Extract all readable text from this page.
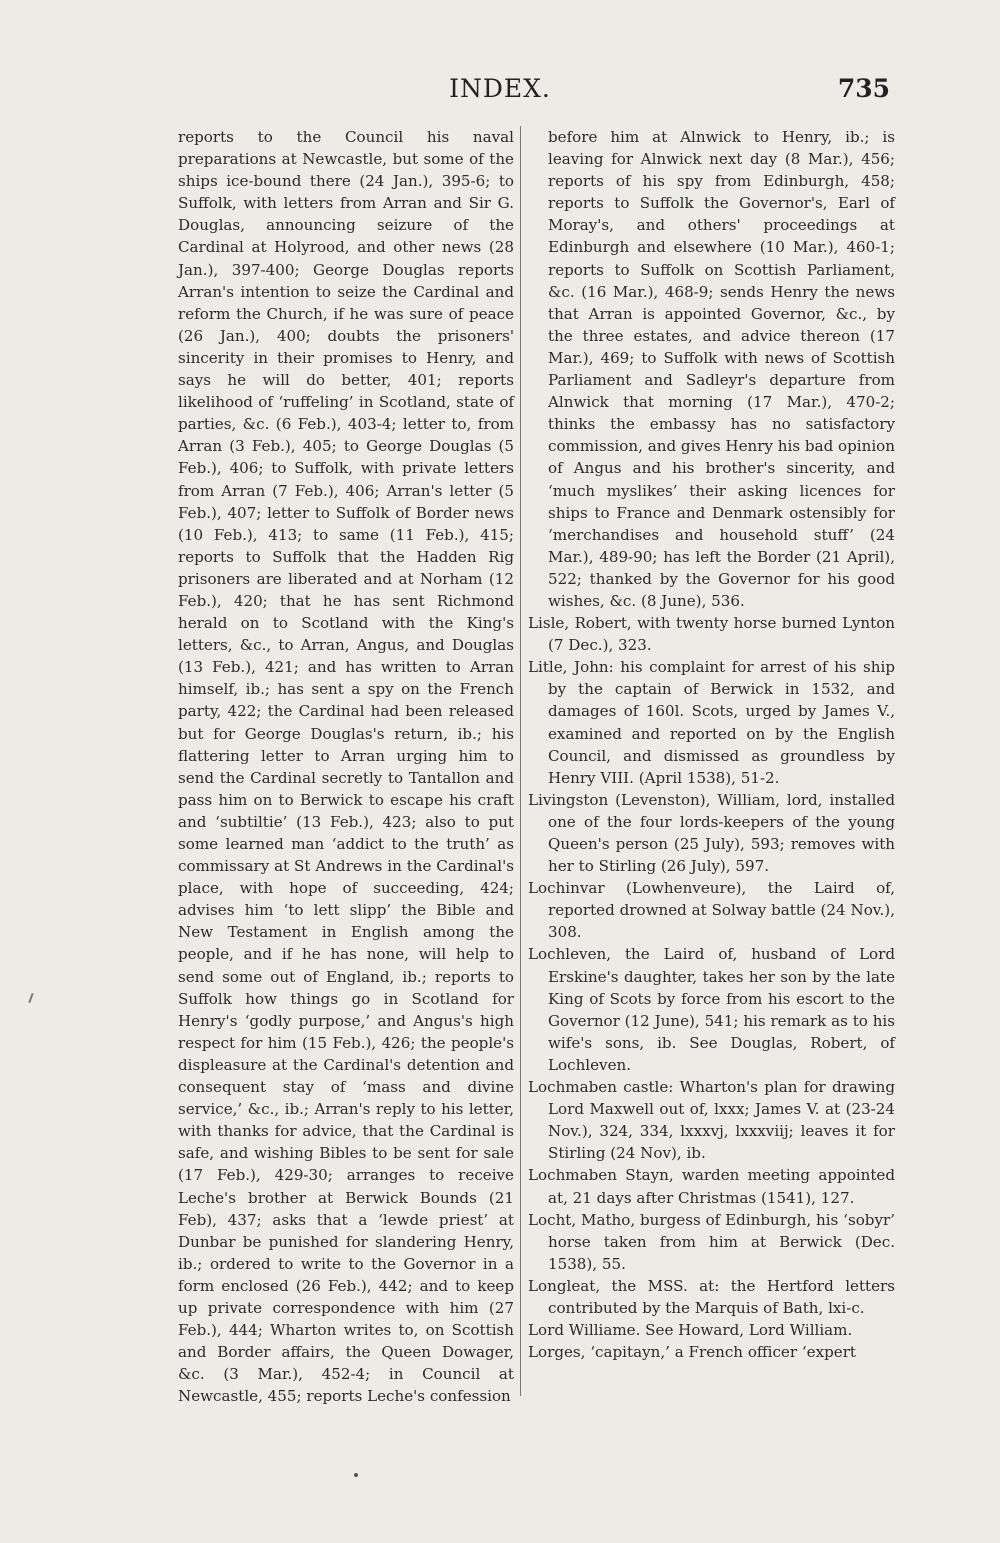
INDEX.	735

reports to the Council his naval preparations at Newcastle, but some of the ships ice-bound there (24 Jan.), 395-6; to Suffolk, with letters from Arran and Sir G. Douglas, announcing seizure of the Cardinal at Holyrood, and other news (28 Jan.), 397-400; George Douglas reports Arran's intention to seize the Cardinal and reform the Church, if he was sure of peace (26 Jan.), 400; doubts the prisoners' sincerity in their promises to Henry, and says he will do better, 401; reports likelihood of ‘ruffeling’ in Scotland, state of parties, &c. (6 Feb.), 403-4; letter to, from Arran (3 Feb.), 405; to George Douglas (5 Feb.), 406; to Suffolk, with private letters from Arran (7 Feb.), 406; Arran's letter (5 Feb.), 407; letter to Suffolk of Border news (10 Feb.), 413; to same (11 Feb.), 415; reports to Suffolk that the Hadden Rig prisoners are liberated and at Norham (12 Feb.), 420; that he has sent Richmond herald on to Scotland with the King's letters, &c., to Arran, Angus, and Douglas (13 Feb.), 421; and has written to Arran himself, ib.; has sent a spy on the French party, 422; the Cardinal had been released but for George Douglas's return, ib.; his flattering letter to Arran urging him to send the Cardinal secretly to Tantallon and pass him on to Berwick to escape his craft and ‘subtiltie’ (13 Feb.), 423; also to put some learned man ‘addict to the truth’ as commissary at St Andrews in the Cardinal's place, with hope of succeeding, 424; advises him ‘to lett slipp’ the Bible and New Testament in English among the people, and if he has none, will help to send some out of England, ib.; reports to Suffolk how things go in Scotland for Henry's ‘godly purpose,’ and Angus's high respect for him (15 Feb.), 426; the people's displeasure at the Cardinal's detention and consequent stay of ‘mass and divine service,’ &c., ib.; Arran's reply to his letter, with thanks for advice, that the Cardinal is safe, and wishing Bibles to be sent for sale (17 Feb.), 429-30; arranges to receive Leche's brother at Berwick Bounds (21 Feb), 437; asks that a ‘lewde priest’ at Dunbar be punished for slandering Henry, ib.; ordered to write to the Governor in a form enclosed (26 Feb.), 442; and to keep up private correspondence with him (27 Feb.), 444; Wharton writes to, on Scottish and Border affairs, the Queen Dowager, &c. (3 Mar.), 452-4; in Council at Newcastle, 455; reports Leche's confession

before him at Alnwick to Henry, ib.; is leaving for Alnwick next day (8 Mar.), 456; reports of his spy from Edinburgh, 458; reports to Suffolk the Governor's, Earl of Moray's, and others' proceedings at Edinburgh and elsewhere (10 Mar.), 460-1; reports to Suffolk on Scottish Parliament, &c. (16 Mar.), 468-9; sends Henry the news that Arran is appointed Governor, &c., by the three estates, and advice thereon (17 Mar.), 469; to Suffolk with news of Scottish Parliament and Sadleyr's departure from Alnwick that morning (17 Mar.), 470-2; thinks the embassy has no satisfactory commission, and gives Henry his bad opinion of Angus and his brother's sincerity, and ‘much myslikes’ their asking licences for ships to France and Denmark ostensibly for ‘merchandises and household stuff’ (24 Mar.), 489-90; has left the Border (21 April), 522; thanked by the Governor for his good wishes, &c. (8 June), 536.

Lisle, Robert, with twenty horse burned Lynton (7 Dec.), 323.

Litle, John: his complaint for arrest of his ship by the captain of Berwick in 1532, and damages of 160l. Scots, urged by James V., examined and reported on by the English Council, and dismissed as groundless by Henry VIII. (April 1538), 51-2.

Livingston (Levenston), William, lord, installed one of the four lords-keepers of the young Queen's person (25 July), 593; removes with her to Stirling (26 July), 597.

Lochinvar (Lowhenveure), the Laird of, reported drowned at Solway battle (24 Nov.), 308.

Lochleven, the Laird of, husband of Lord Erskine's daughter, takes her son by the late King of Scots by force from his escort to the Governor (12 June), 541; his remark as to his wife's sons, ib. See Douglas, Robert, of Lochleven.

Lochmaben castle: Wharton's plan for drawing Lord Maxwell out of, lxxx; James V. at (23-24 Nov.), 324, 334, lxxxvj, lxxxviij; leaves it for Stirling (24 Nov), ib.

Lochmaben Stayn, warden meeting appointed at, 21 days after Christmas (1541), 127.

Locht, Matho, burgess of Edinburgh, his ‘sobyr’ horse taken from him at Berwick (Dec. 1538), 55.

Longleat, the MSS. at: the Hertford letters contributed by the Marquis of Bath, lxi-c.

Lord Williame. See Howard, Lord William.

Lorges, ‘capitayn,’ a French officer ‘expert
